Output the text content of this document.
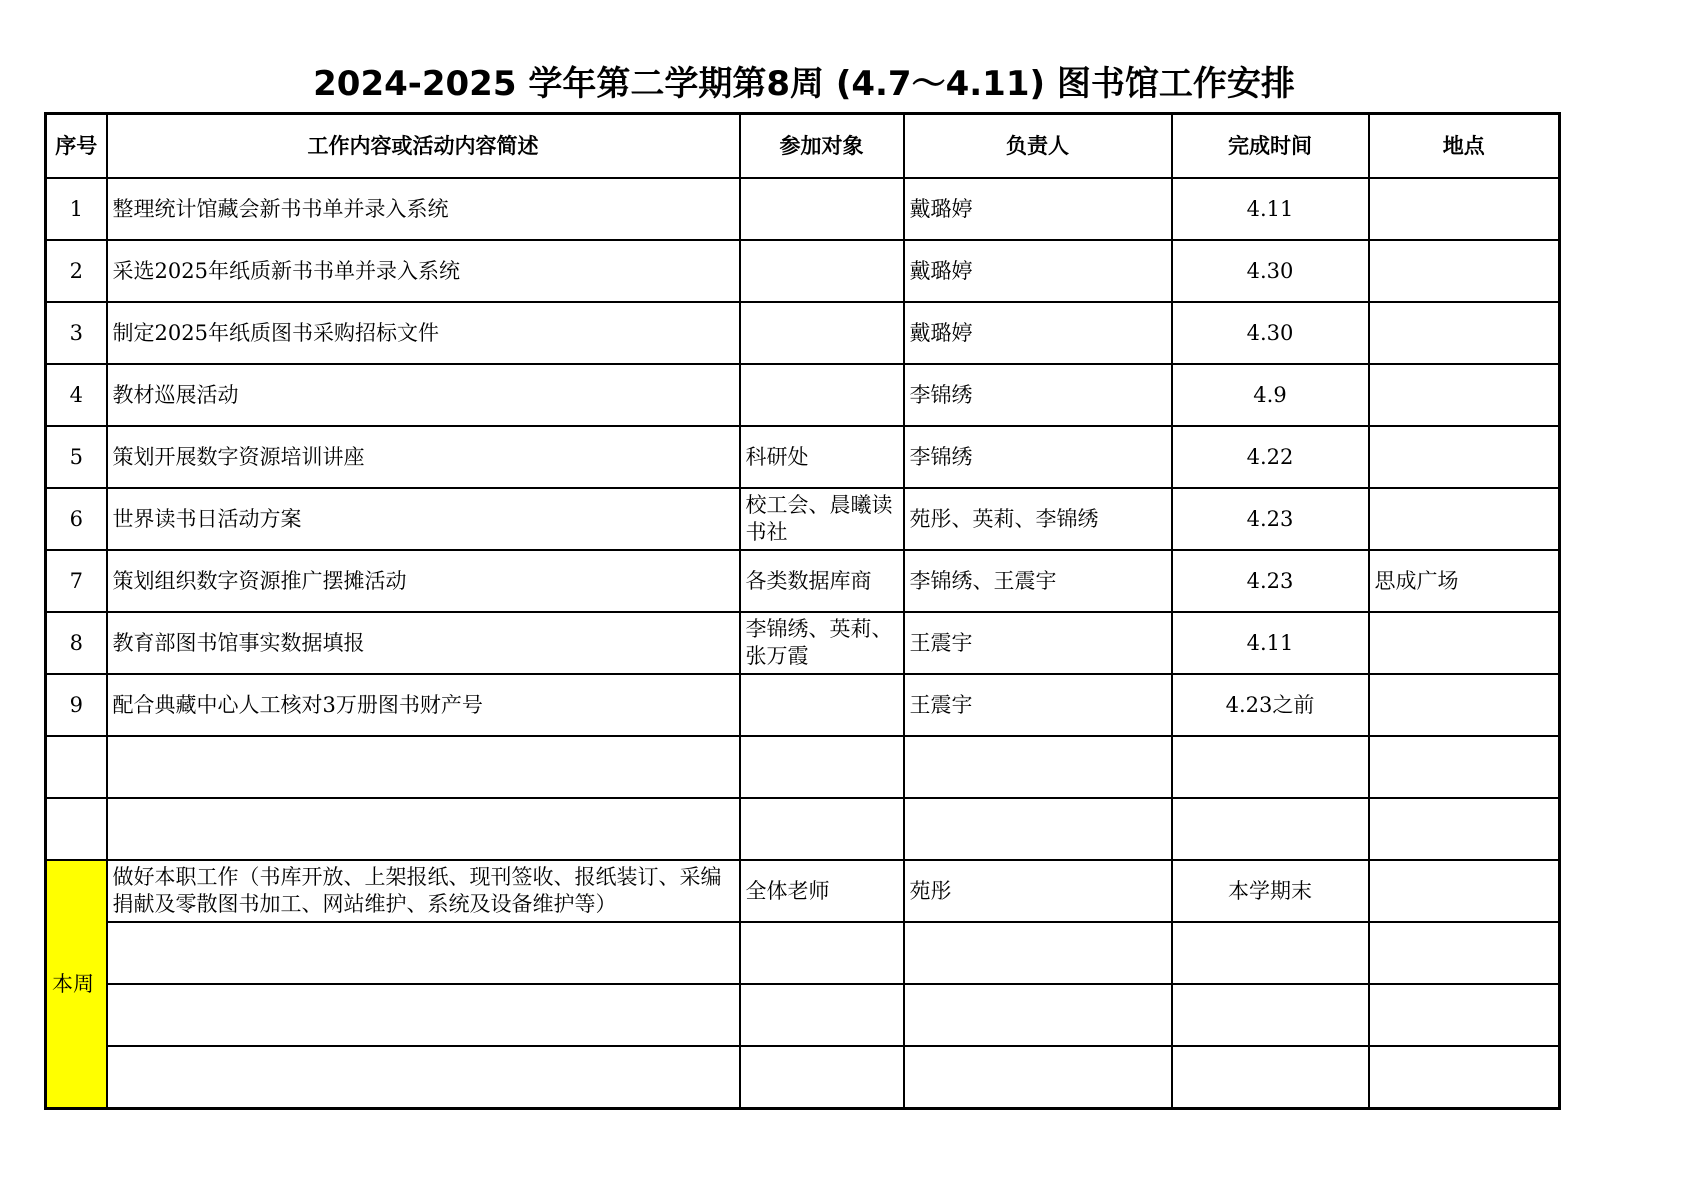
2024-2025 学年第二学期第8周 (4.7～4.11) 图书馆工作安排
序号	工作内容或活动内容简述	参加对象	负责人	完成时间	地点
1	整理统计馆藏会新书书单并录入系统		戴璐婷	4.11	
2	采选2025年纸质新书书单并录入系统		戴璐婷	4.30	
3	制定2025年纸质图书采购招标文件		戴璐婷	4.30	
4	教材巡展活动		李锦绣	4.9	
5	策划开展数字资源培训讲座	科研处	李锦绣	4.22	
6	世界读书日活动方案	校工会、晨曦读书社	苑彤、英莉、李锦绣	4.23	
7	策划组织数字资源推广摆摊活动	各类数据库商	李锦绣、王震宇	4.23	思成广场
8	教育部图书馆事实数据填报	李锦绣、英莉、张万霞	王震宇	4.11	
9	配合典藏中心人工核对3万册图书财产号		王震宇	4.23之前	

本周	做好本职工作（书库开放、上架报纸、现刊签收、报纸装订、采编捐献及零散图书加工、网站维护、系统及设备维护等）	全体老师	苑彤	本学期末	
